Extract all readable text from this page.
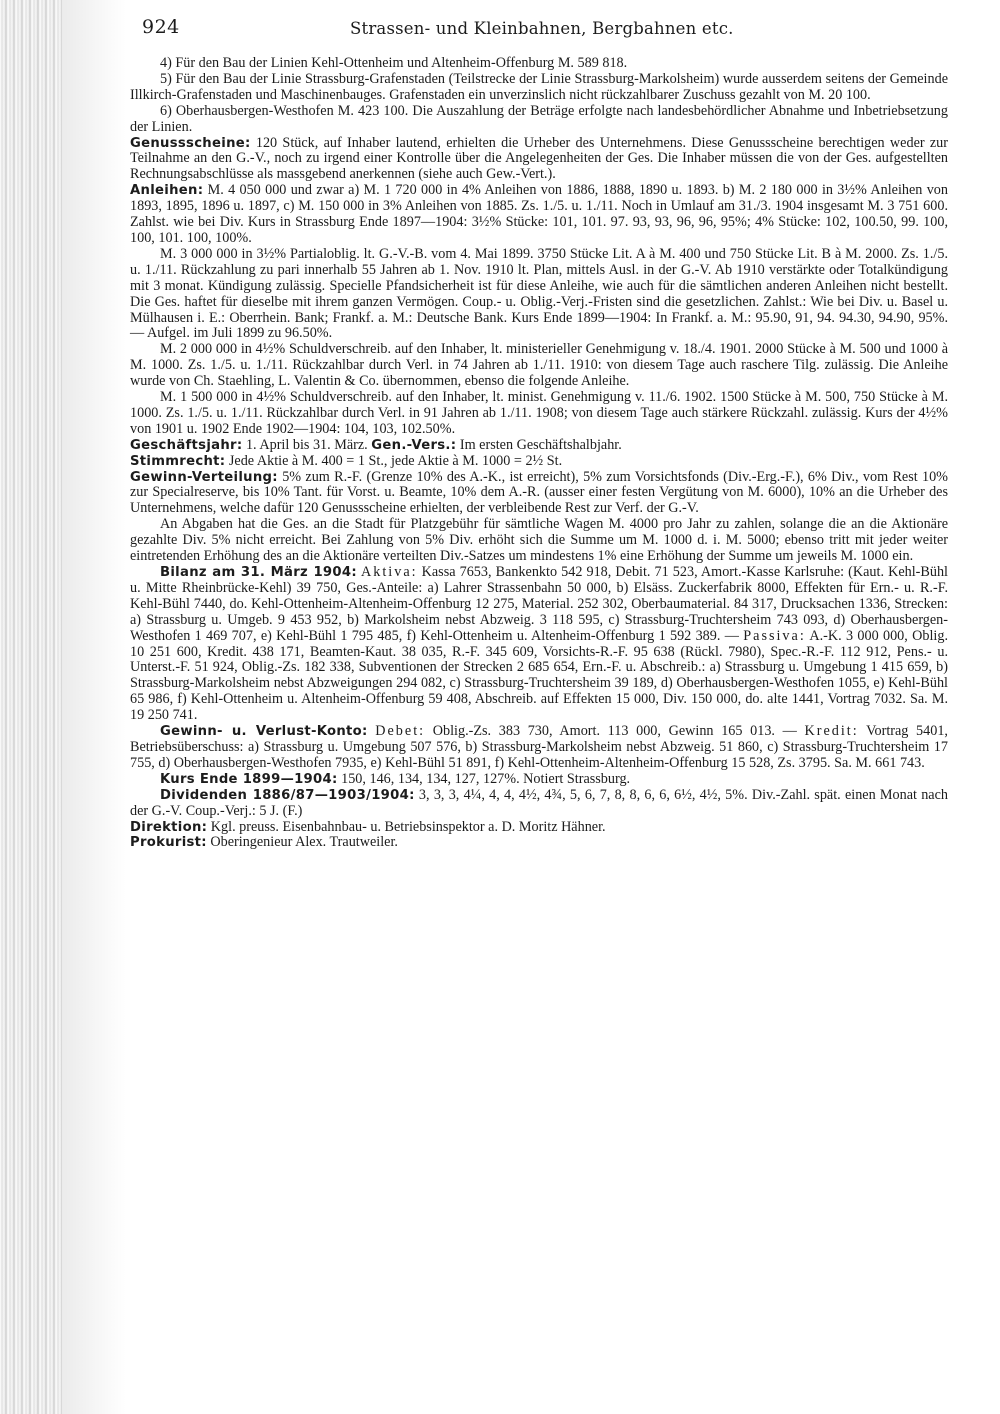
924	Strassen- und Kleinbahnen, Bergbahnen etc.

4) Für den Bau der Linien Kehl-Ottenheim und Altenheim-Offenburg M. 589 818.

5) Für den Bau der Linie Strassburg-Grafenstaden (Teilstrecke der Linie Strassburg-Markolsheim) wurde ausserdem seitens der Gemeinde Illkirch-Grafenstaden und Maschinenbauges. Grafenstaden ein unverzinslich nicht rückzahlbarer Zuschuss gezahlt von M. 20 100.

6) Oberhausbergen-Westhofen M. 423 100. Die Auszahlung der Beträge erfolgte nach landesbehördlicher Abnahme und Inbetriebsetzung der Linien.

Genussscheine: 120 Stück, auf Inhaber lautend, erhielten die Urheber des Unternehmens. Diese Genussscheine berechtigen weder zur Teilnahme an den G.-V., noch zu irgend einer Kontrolle über die Angelegenheiten der Ges. Die Inhaber müssen die von der Ges. aufgestellten Rechnungsabschlüsse als massgebend anerkennen (siehe auch Gew.-Vert.).

Anleihen: M. 4 050 000 und zwar a) M. 1 720 000 in 4% Anleihen von 1886, 1888, 1890 u. 1893. b) M. 2 180 000 in 3½% Anleihen von 1893, 1895, 1896 u. 1897, c) M. 150 000 in 3% Anleihen von 1885. Zs. 1./5. u. 1./11. Noch in Umlauf am 31./3. 1904 insgesamt M. 3 751 600. Zahlst. wie bei Div. Kurs in Strassburg Ende 1897—1904: 3½% Stücke: 101, 101. 97. 93, 93, 96, 96, 95%; 4% Stücke: 102, 100.50, 99. 100, 100, 101. 100, 100%.

M. 3 000 000 in 3½% Partialoblig. lt. G.-V.-B. vom 4. Mai 1899. 3750 Stücke Lit. A à M. 400 und 750 Stücke Lit. B à M. 2000. Zs. 1./5. u. 1./11. Rückzahlung zu pari innerhalb 55 Jahren ab 1. Nov. 1910 lt. Plan, mittels Ausl. in der G.-V. Ab 1910 verstärkte oder Totalkündigung mit 3 monat. Kündigung zulässig. Specielle Pfandsicherheit ist für diese Anleihe, wie auch für die sämtlichen anderen Anleihen nicht bestellt. Die Ges. haftet für dieselbe mit ihrem ganzen Vermögen. Coup.- u. Oblig.-Verj.-Fristen sind die gesetzlichen. Zahlst.: Wie bei Div. u. Basel u. Mülhausen i. E.: Oberrhein. Bank; Frankf. a. M.: Deutsche Bank. Kurs Ende 1899—1904: In Frankf. a. M.: 95.90, 91, 94. 94.30, 94.90, 95%. — Aufgel. im Juli 1899 zu 96.50%.

M. 2 000 000 in 4½% Schuldverschreib. auf den Inhaber, lt. ministerieller Genehmigung v. 18./4. 1901. 2000 Stücke à M. 500 und 1000 à M. 1000. Zs. 1./5. u. 1./11. Rückzahlbar durch Verl. in 74 Jahren ab 1./11. 1910: von diesem Tage auch raschere Tilg. zulässig. Die Anleihe wurde von Ch. Staehling, L. Valentin & Co. übernommen, ebenso die folgende Anleihe.

M. 1 500 000 in 4½% Schuldverschreib. auf den Inhaber, lt. minist. Genehmigung v. 11./6. 1902. 1500 Stücke à M. 500, 750 Stücke à M. 1000. Zs. 1./5. u. 1./11. Rückzahlbar durch Verl. in 91 Jahren ab 1./11. 1908; von diesem Tage auch stärkere Rückzahl. zulässig. Kurs der 4½% von 1901 u. 1902 Ende 1902—1904: 104, 103, 102.50%.

Geschäftsjahr: 1. April bis 31. März. Gen.-Vers.: Im ersten Geschäftshalbjahr.

Stimmrecht: Jede Aktie à M. 400 = 1 St., jede Aktie à M. 1000 = 2½ St.

Gewinn-Verteilung: 5% zum R.-F. (Grenze 10% des A.-K., ist erreicht), 5% zum Vorsichtsfonds (Div.-Erg.-F.), 6% Div., vom Rest 10% zur Specialreserve, bis 10% Tant. für Vorst. u. Beamte, 10% dem A.-R. (ausser einer festen Vergütung von M. 6000), 10% an die Urheber des Unternehmens, welche dafür 120 Genussscheine erhielten, der verbleibende Rest zur Verf. der G.-V.

An Abgaben hat die Ges. an die Stadt für Platzgebühr für sämtliche Wagen M. 4000 pro Jahr zu zahlen, solange die an die Aktionäre gezahlte Div. 5% nicht erreicht. Bei Zahlung von 5% Div. erhöht sich die Summe um M. 1000 d. i. M. 5000; ebenso tritt mit jeder weiter eintretenden Erhöhung des an die Aktionäre verteilten Div.-Satzes um mindestens 1% eine Erhöhung der Summe um jeweils M. 1000 ein.

Bilanz am 31. März 1904: Aktiva: Kassa 7653, Bankenkto 542 918, Debit. 71 523, Amort.-Kasse Karlsruhe: (Kaut. Kehl-Bühl u. Mitte Rheinbrücke-Kehl) 39 750, Ges.-Anteile: a) Lahrer Strassenbahn 50 000, b) Elsäss. Zuckerfabrik 8000, Effekten für Ern.- u. R.-F. Kehl-Bühl 7440, do. Kehl-Ottenheim-Altenheim-Offenburg 12 275, Material. 252 302, Oberbaumaterial. 84 317, Drucksachen 1336, Strecken: a) Strassburg u. Umgeb. 9 453 952, b) Markolsheim nebst Abzweig. 3 118 595, c) Strassburg-Truchtersheim 743 093, d) Oberhausbergen-Westhofen 1 469 707, e) Kehl-Bühl 1 795 485, f) Kehl-Ottenheim u. Altenheim-Offenburg 1 592 389. — Passiva: A.-K. 3 000 000, Oblig. 10 251 600, Kredit. 438 171, Beamten-Kaut. 38 035, R.-F. 345 609, Vorsichts-R.-F. 95 638 (Rückl. 7980), Spec.-R.-F. 112 912, Pens.- u. Unterst.-F. 51 924, Oblig.-Zs. 182 338, Subventionen der Strecken 2 685 654, Ern.-F. u. Abschreib.: a) Strassburg u. Umgebung 1 415 659, b) Strassburg-Markolsheim nebst Abzweigungen 294 082, c) Strassburg-Truchtersheim 39 189, d) Oberhausbergen-Westhofen 1055, e) Kehl-Bühl 65 986, f) Kehl-Ottenheim u. Altenheim-Offenburg 59 408, Abschreib. auf Effekten 15 000, Div. 150 000, do. alte 1441, Vortrag 7032. Sa. M. 19 250 741.

Gewinn- u. Verlust-Konto: Debet: Oblig.-Zs. 383 730, Amort. 113 000, Gewinn 165 013. — Kredit: Vortrag 5401, Betriebsüberschuss: a) Strassburg u. Umgebung 507 576, b) Strassburg-Markolsheim nebst Abzweig. 51 860, c) Strassburg-Truchtersheim 17 755, d) Oberhausbergen-Westhofen 7935, e) Kehl-Bühl 51 891, f) Kehl-Ottenheim-Altenheim-Offenburg 15 528, Zs. 3795. Sa. M. 661 743.

Kurs Ende 1899—1904: 150, 146, 134, 134, 127, 127%. Notiert Strassburg.

Dividenden 1886/87—1903/1904: 3, 3, 3, 4¼, 4, 4, 4½, 4¾, 5, 6, 7, 8, 8, 6, 6, 6½, 4½, 5%. Div.-Zahl. spät. einen Monat nach der G.-V. Coup.-Verj.: 5 J. (F.)

Direktion: Kgl. preuss. Eisenbahnbau- u. Betriebsinspektor a. D. Moritz Hähner.

Prokurist: Oberingenieur Alex. Trautweiler.
